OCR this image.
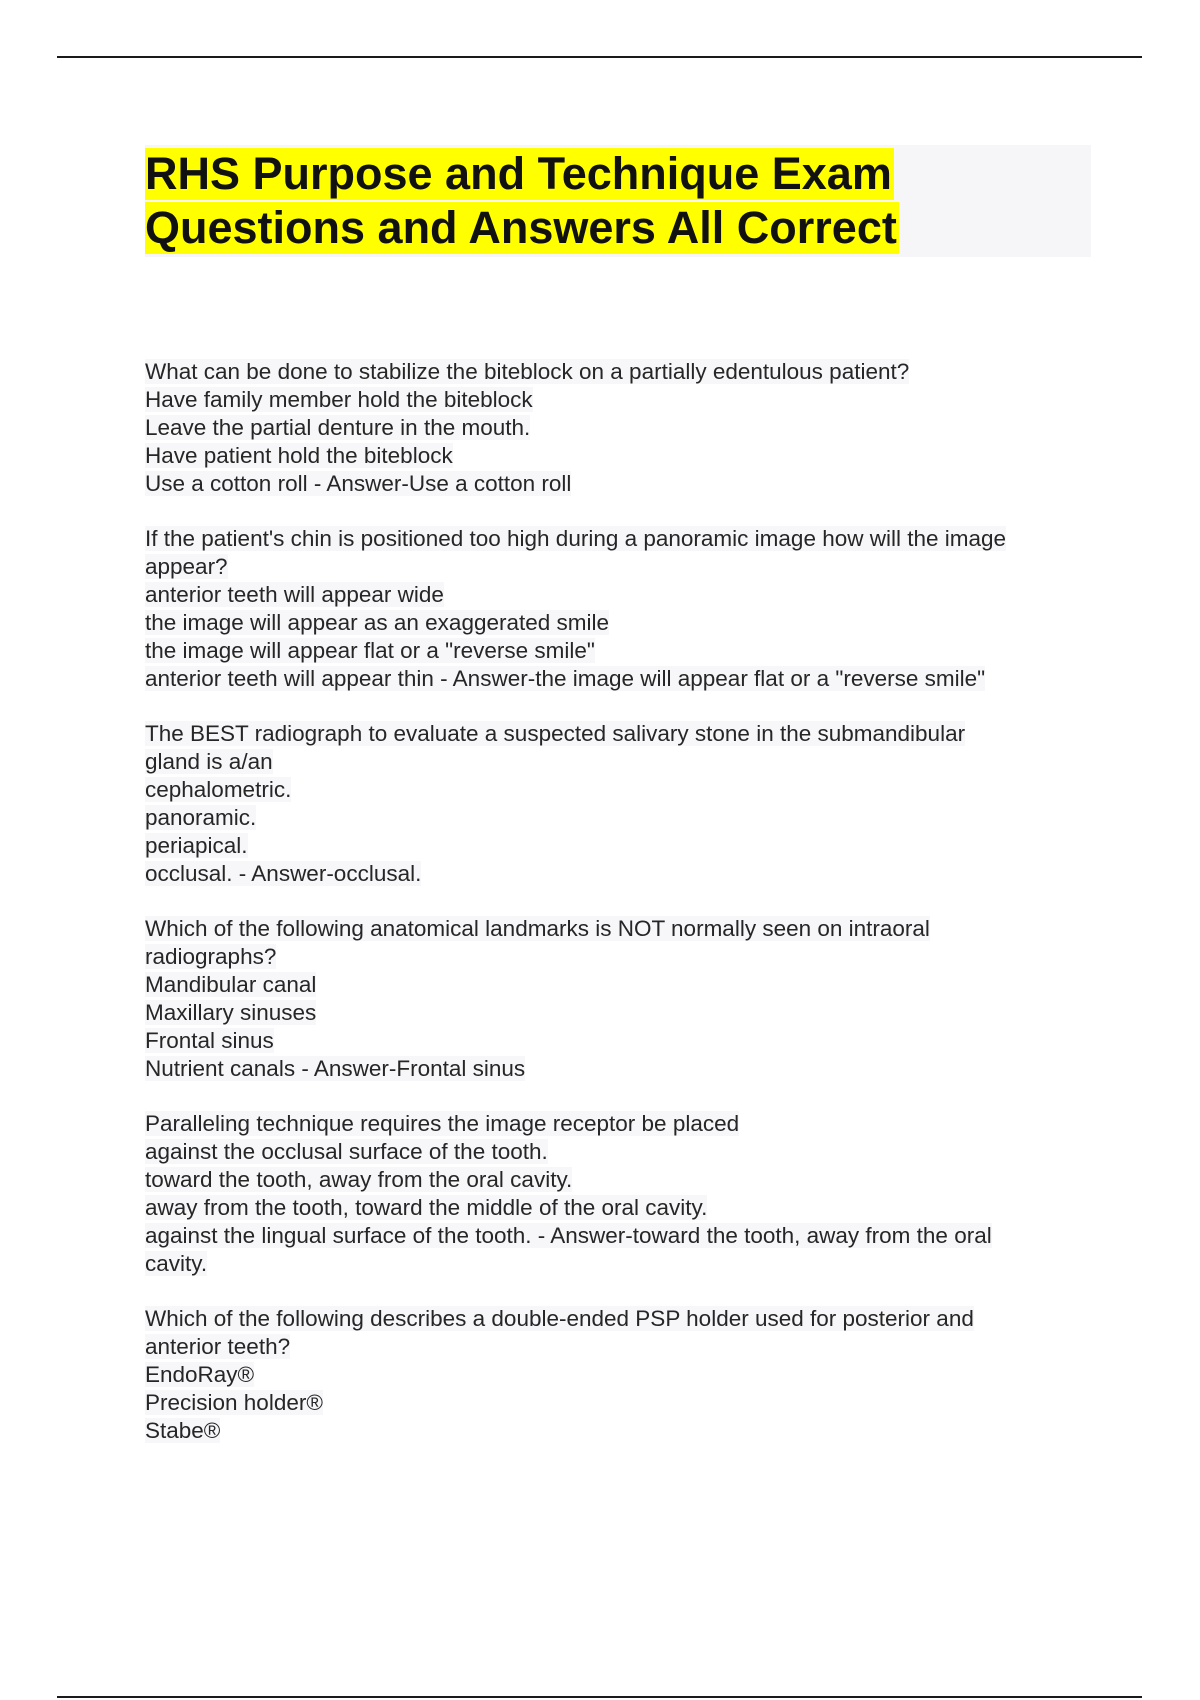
RHS Purpose and Technique Exam
Questions and Answers All Correct
What can be done to stabilize the biteblock on a partially edentulous patient?
Have family member hold the biteblock
Leave the partial denture in the mouth.
Have patient hold the biteblock
Use a cotton roll - Answer-Use a cotton roll
If the patient's chin is positioned too high during a panoramic image how will the image
appear?
anterior teeth will appear wide
the image will appear as an exaggerated smile
the image will appear flat or a "reverse smile"
anterior teeth will appear thin - Answer-the image will appear flat or a "reverse smile"
The BEST radiograph to evaluate a suspected salivary stone in the submandibular
gland is a/an
cephalometric.
panoramic.
periapical.
occlusal. - Answer-occlusal.
Which of the following anatomical landmarks is NOT normally seen on intraoral
radiographs?
Mandibular canal
Maxillary sinuses
Frontal sinus
Nutrient canals - Answer-Frontal sinus
Paralleling technique requires the image receptor be placed
against the occlusal surface of the tooth.
toward the tooth, away from the oral cavity.
away from the tooth, toward the middle of the oral cavity.
against the lingual surface of the tooth. - Answer-toward the tooth, away from the oral
cavity.
Which of the following describes a double-ended PSP holder used for posterior and
anterior teeth?
EndoRay®
Precision holder®
Stabe®
